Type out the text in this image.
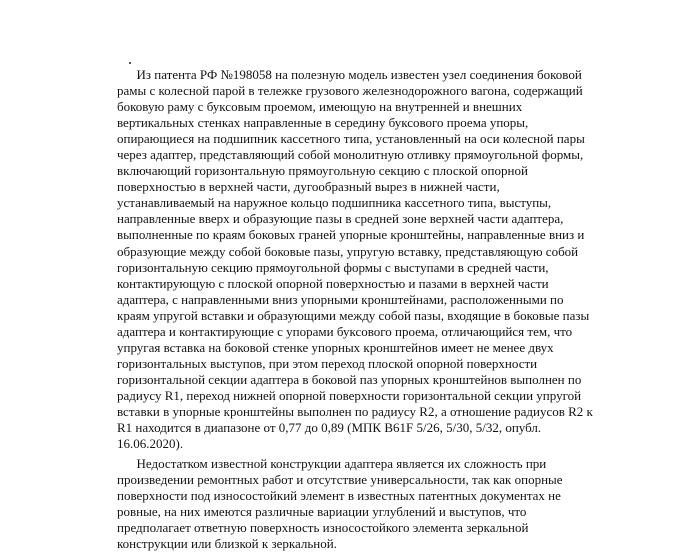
Из патента РФ №198058 на полезную модель известен узел соединения боковой
рамы с колесной парой в тележке грузового железнодорожного вагона, содержащий
боковую раму с буксовым проемом, имеющую на внутренней и внешних
вертикальных стенках направленные в середину буксового проема упоры,
опирающиеся на подшипник кассетного типа, установленный на оси колесной пары
через адаптер, представляющий собой монолитную отливку прямоугольной формы,
включающий горизонтальную прямоугольную секцию с плоской опорной
поверхностью в верхней части, дугообразный вырез в нижней части,
устанавливаемый на наружное кольцо подшипника кассетного типа, выступы,
направленные вверх и образующие пазы в средней зоне верхней части адаптера,
выполненные по краям боковых граней упорные кронштейны, направленные вниз и
образующие между собой боковые пазы, упругую вставку, представляющую собой
горизонтальную секцию прямоугольной формы с выступами в средней части,
контактирующую с плоской опорной поверхностью и пазами в верхней части
адаптера, с направленными вниз упорными кронштейнами, расположенными по
краям упругой вставки и образующими между собой пазы, входящие в боковые пазы
адаптера и контактирующие с упорами буксового проема, отличающийся тем, что
упругая вставка на боковой стенке упорных кронштейнов имеет не менее двух
горизонтальных выступов, при этом переход плоской опорной поверхности
горизонтальной секции адаптера в боковой паз упорных кронштейнов выполнен по
радиусу R1, переход нижней опорной поверхности горизонтальной секции упругой
вставки в упорные кронштейны выполнен по радиусу R2, а отношение радиусов R2 к
R1 находится в диапазоне от 0,77 до 0,89 (МПК B61F 5/26, 5/30, 5/32, опубл.
16.06.2020).
Недостатком известной конструкции адаптера является их сложность при
произведении ремонтных работ и отсутствие универсальности, так как опорные
поверхности под износостойкий элемент в известных патентных документах не
ровные, на них имеются различные вариации углублений и выступов, что
предполагает ответную поверхность износостойкого элемента зеркальной
конструкции или близкой к зеркальной.
